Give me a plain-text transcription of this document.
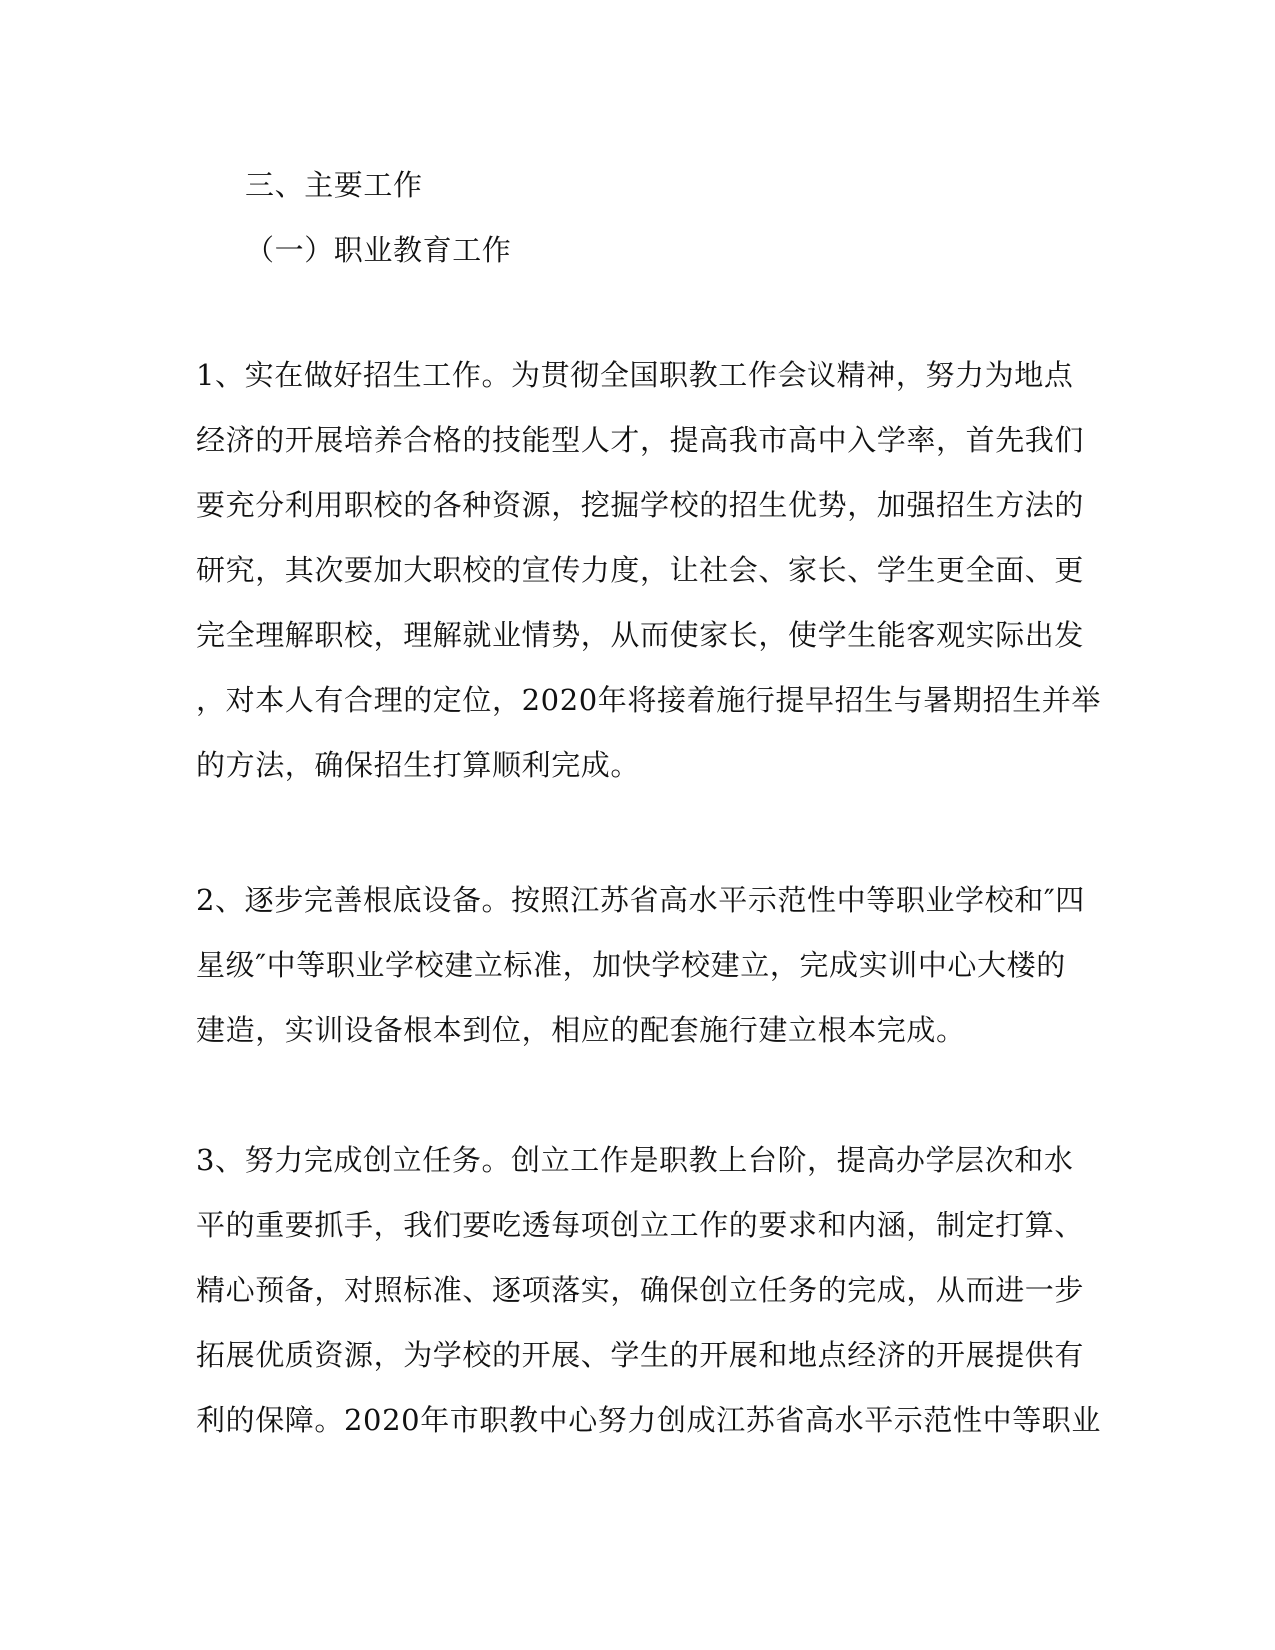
三、主要工作
（一）职业教育工作
1、实在做好招生工作。为贯彻全国职教工作会议精神，努力为地点
经济的开展培养合格的技能型人才，提高我市高中入学率，首先我们
要充分利用职校的各种资源，挖掘学校的招生优势，加强招生方法的
研究，其次要加大职校的宣传力度，让社会、家长、学生更全面、更
完全理解职校，理解就业情势，从而使家长，使学生能客观实际出发
，对本人有合理的定位，2020年将接着施行提早招生与暑期招生并举
的方法，确保招生打算顺利完成。
2、逐步完善根底设备。按照江苏省高水平示范性中等职业学校和″四
星级″中等职业学校建立标准，加快学校建立，完成实训中心大楼的
建造，实训设备根本到位，相应的配套施行建立根本完成。
3、努力完成创立任务。创立工作是职教上台阶，提高办学层次和水
平的重要抓手，我们要吃透每项创立工作的要求和内涵，制定打算、
精心预备，对照标准、逐项落实，确保创立任务的完成，从而进一步
拓展优质资源，为学校的开展、学生的开展和地点经济的开展提供有
利的保障。2020年市职教中心努力创成江苏省高水平示范性中等职业
